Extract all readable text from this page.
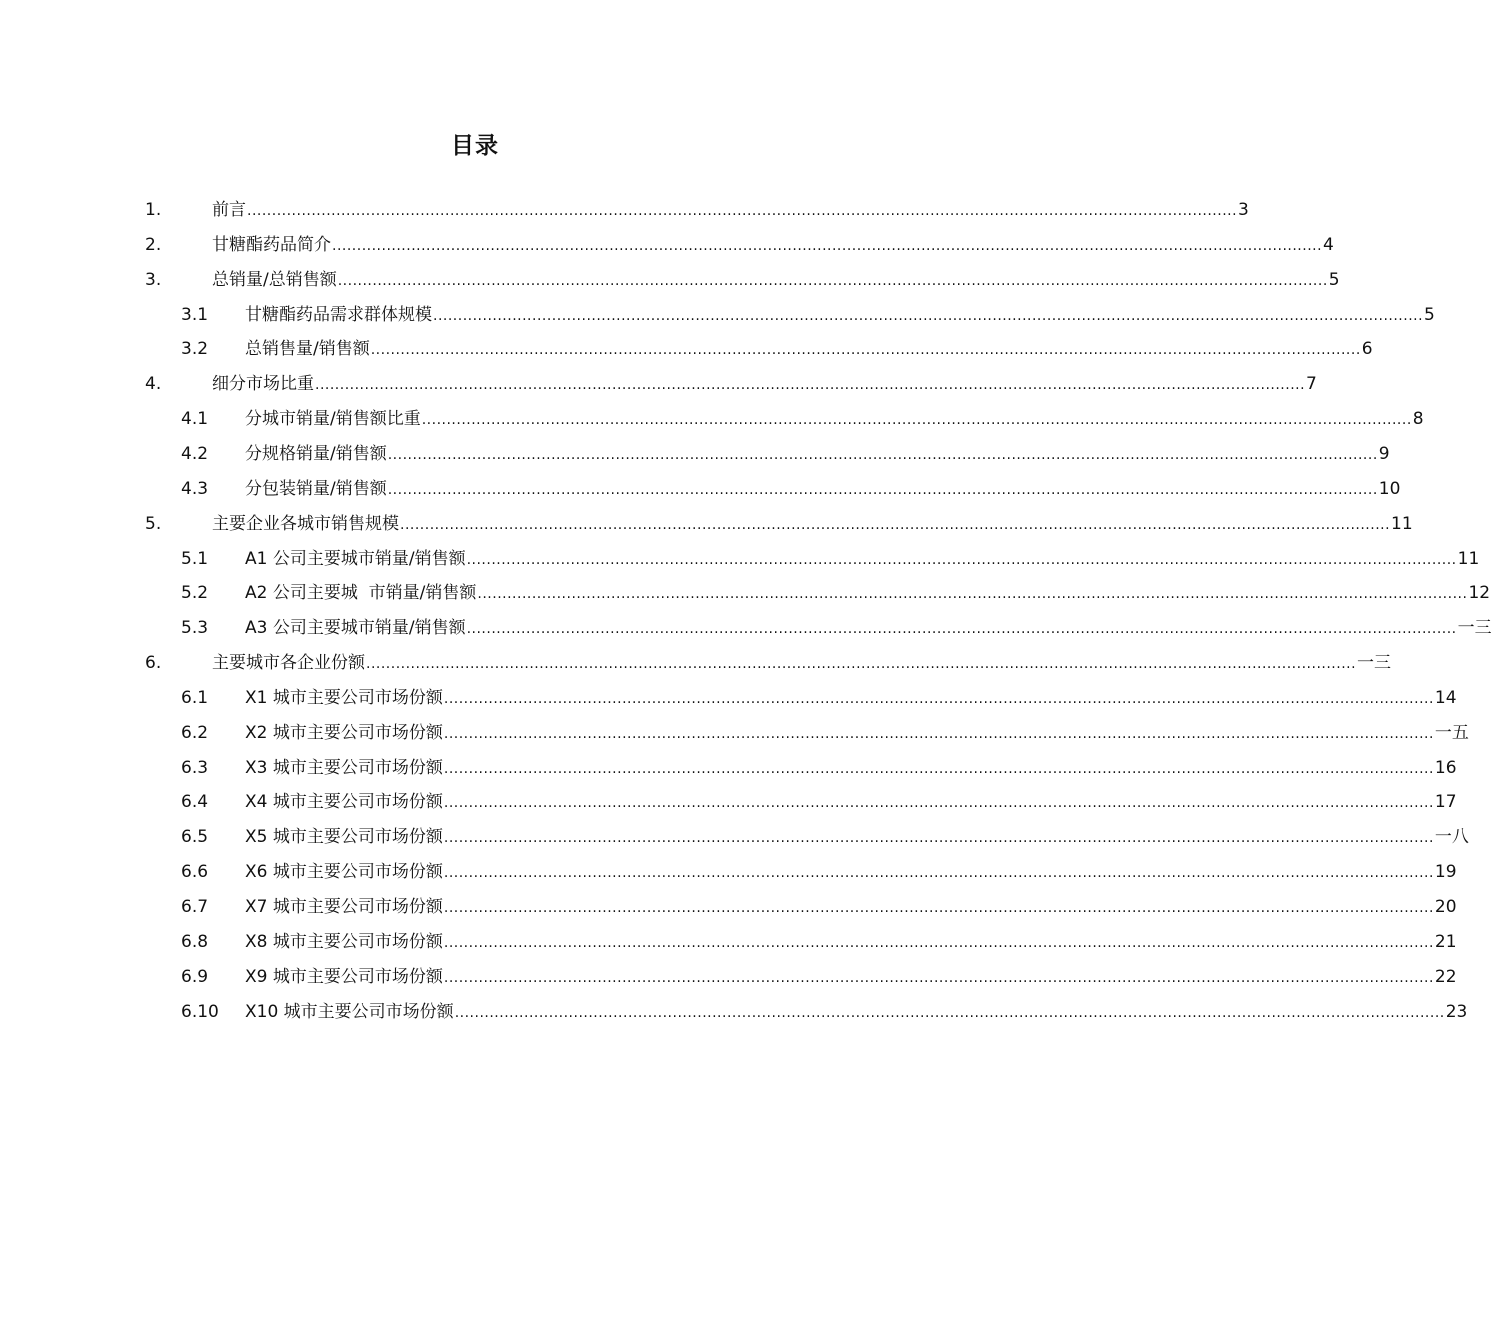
目录
1.	前言 ........................................................................................................................................................................................................ 3
2.	甘糖酯药品简介 ........................................................................................................................................................................................................ 4
3.	总销量/总销售额 ........................................................................................................................................................................................................ 5
3.1 甘糖酯药品需求群体规模 ........................................................................................................................................................................................................ 5
3.2 总销售量/销售额 ........................................................................................................................................................................................................ 6
4.	细分市场比重 ........................................................................................................................................................................................................ 7
4.1 分城市销量/销售额比重 ........................................................................................................................................................................................................ 8
4.2 分规格销量/销售额 ........................................................................................................................................................................................................ 9
4.3 分包装销量/销售额 ........................................................................................................................................................................................................ 10
5.	主要企业各城市销售规模 ........................................................................................................................................................................................................ 11
5.1 A1 公司主要城市销量/销售额 ........................................................................................................................................................................................................ 11
5.2 A2 公司主要城  市销量/销售额 ........................................................................................................................................................................................................ 12
5.3 A3 公司主要城市销量/销售额 ........................................................................................................................................................................................................ 一三
6.	主要城市各企业份额 ........................................................................................................................................................................................................ 一三
6.1 X1 城市主要公司市场份额 ........................................................................................................................................................................................................ 14
6.2 X2 城市主要公司市场份额 ........................................................................................................................................................................................................ 一五
6.3 X3 城市主要公司市场份额 ........................................................................................................................................................................................................ 16
6.4 X4 城市主要公司市场份额 ........................................................................................................................................................................................................ 17
6.5 X5 城市主要公司市场份额 ........................................................................................................................................................................................................ 一八
6.6 X6 城市主要公司市场份额 ........................................................................................................................................................................................................ 19
6.7 X7 城市主要公司市场份额 ........................................................................................................................................................................................................ 20
6.8 X8 城市主要公司市场份额 ........................................................................................................................................................................................................ 21
6.9 X9 城市主要公司市场份额 ........................................................................................................................................................................................................ 22
6.10 X10 城市主要公司市场份额 ........................................................................................................................................................................................................ 23
